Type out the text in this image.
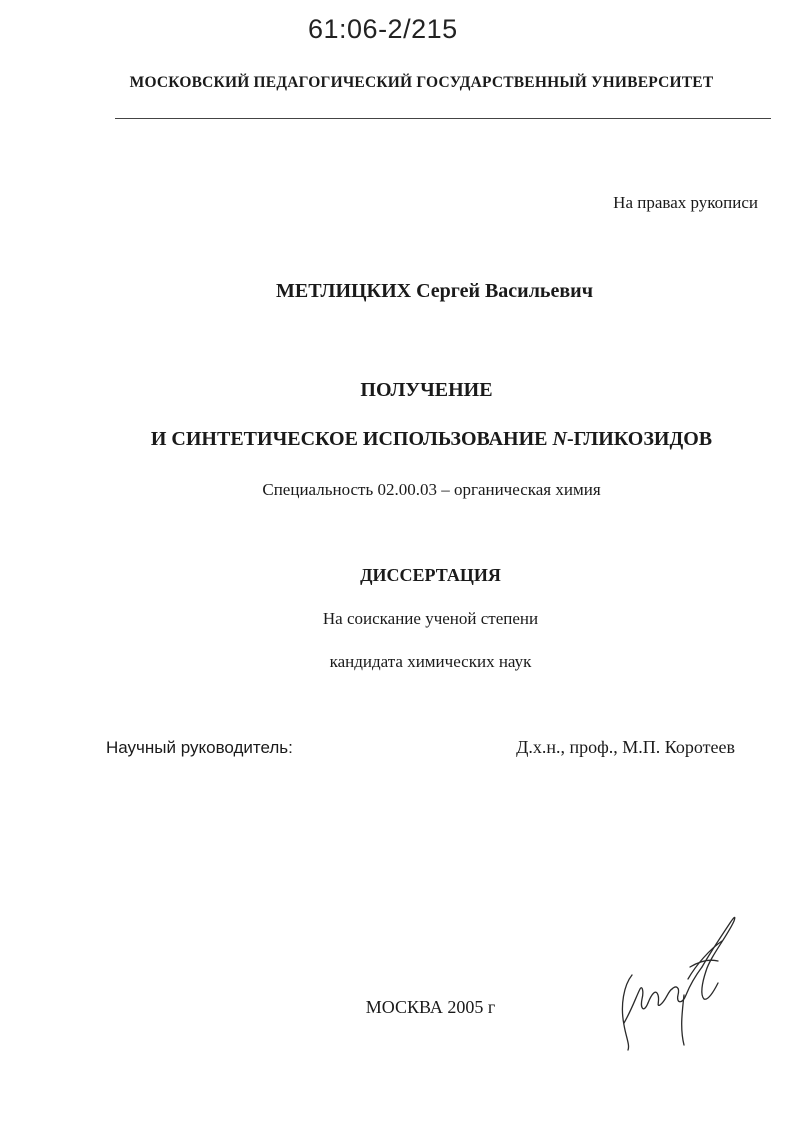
61:06-2/215
МОСКОВСКИЙ ПЕДАГОГИЧЕСКИЙ ГОСУДАРСТВЕННЫЙ УНИВЕРСИТЕТ
На правах рукописи
МЕТЛИЦКИХ Сергей Васильевич
ПОЛУЧЕНИЕ
И СИНТЕТИЧЕСКОЕ ИСПОЛЬЗОВАНИЕ N-ГЛИКОЗИДОВ
Специальность 02.00.03 – органическая химия
ДИССЕРТАЦИЯ
На соискание ученой степени
кандидата химических наук
Научный руководитель:	Д.х.н., проф., М.П. Коротеев
МОСКВА 2005 г
